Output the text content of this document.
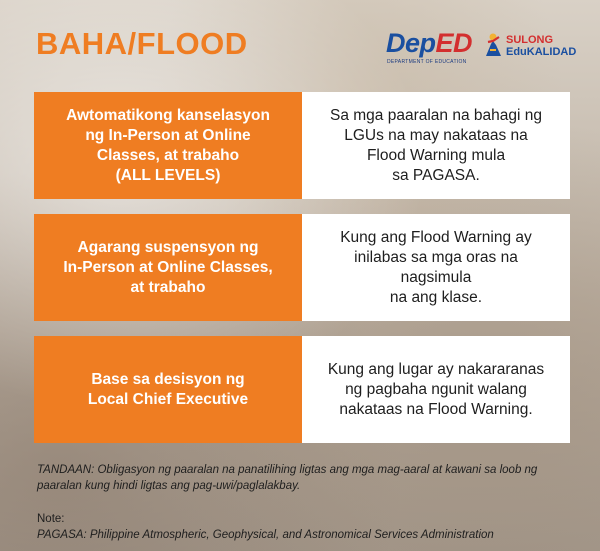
BAHA/FLOOD	DepED
DEPARTMENT OF EDUCATION
SULONG
EduKALIDAD
Awtomatikong kanselasyon
ng In-Person at Online
Classes, at trabaho
(ALL LEVELS)
Sa mga paaralan na bahagi ng
LGUs na may nakataas na
Flood Warning mula
sa PAGASA.
Agarang suspensyon ng
In-Person at Online Classes,
at trabaho
Kung ang Flood Warning ay
inilabas sa mga oras na nagsimula
na ang klase.
Base sa desisyon ng
Local Chief Executive
Kung ang lugar ay nakararanas
ng pagbaha ngunit walang
nakataas na Flood Warning.
TANDAAN: Obligasyon ng paaralan na panatilihing ligtas ang mga mag-aaral at kawani sa loob ng paaralan kung hindi ligtas ang pag-uwi/paglalakbay.
Note:
PAGASA: Philippine Atmospheric, Geophysical, and Astronomical Services Administration
